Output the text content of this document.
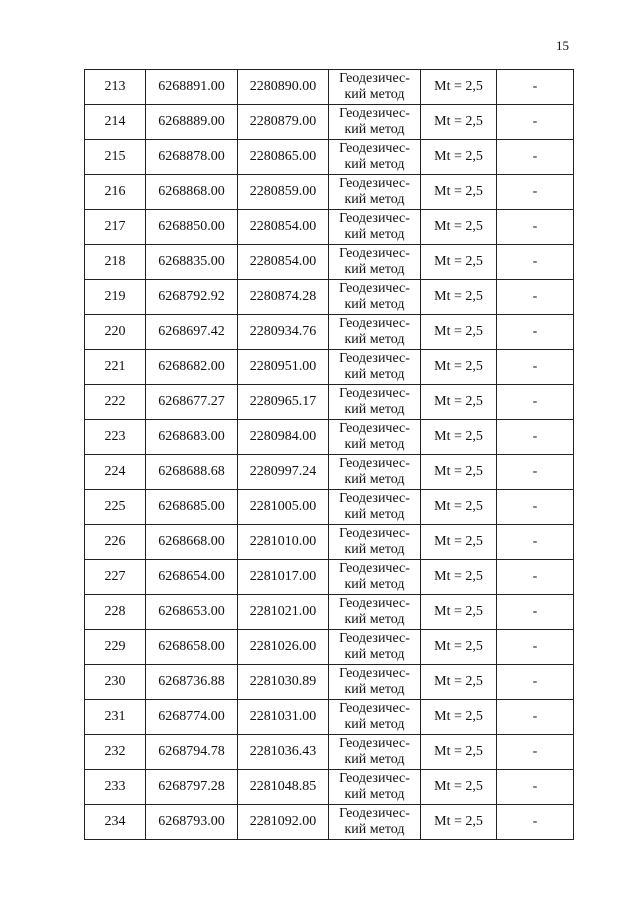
15
213	6268891.00	2280890.00	Геодезичес-
кий метод	Mt = 2,5	-
214	6268889.00	2280879.00	Геодезичес-
кий метод	Mt = 2,5	-
215	6268878.00	2280865.00	Геодезичес-
кий метод	Mt = 2,5	-
216	6268868.00	2280859.00	Геодезичес-
кий метод	Mt = 2,5	-
217	6268850.00	2280854.00	Геодезичес-
кий метод	Mt = 2,5	-
218	6268835.00	2280854.00	Геодезичес-
кий метод	Mt = 2,5	-
219	6268792.92	2280874.28	Геодезичес-
кий метод	Mt = 2,5	-
220	6268697.42	2280934.76	Геодезичес-
кий метод	Mt = 2,5	-
221	6268682.00	2280951.00	Геодезичес-
кий метод	Mt = 2,5	-
222	6268677.27	2280965.17	Геодезичес-
кий метод	Mt = 2,5	-
223	6268683.00	2280984.00	Геодезичес-
кий метод	Mt = 2,5	-
224	6268688.68	2280997.24	Геодезичес-
кий метод	Mt = 2,5	-
225	6268685.00	2281005.00	Геодезичес-
кий метод	Mt = 2,5	-
226	6268668.00	2281010.00	Геодезичес-
кий метод	Mt = 2,5	-
227	6268654.00	2281017.00	Геодезичес-
кий метод	Mt = 2,5	-
228	6268653.00	2281021.00	Геодезичес-
кий метод	Mt = 2,5	-
229	6268658.00	2281026.00	Геодезичес-
кий метод	Mt = 2,5	-
230	6268736.88	2281030.89	Геодезичес-
кий метод	Mt = 2,5	-
231	6268774.00	2281031.00	Геодезичес-
кий метод	Mt = 2,5	-
232	6268794.78	2281036.43	Геодезичес-
кий метод	Mt = 2,5	-
233	6268797.28	2281048.85	Геодезичес-
кий метод	Mt = 2,5	-
234	6268793.00	2281092.00	Геодезичес-
кий метод	Mt = 2,5	-
